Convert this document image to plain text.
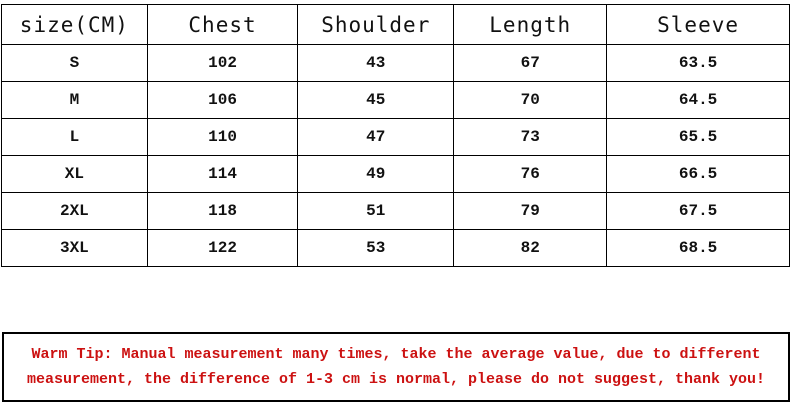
size(CM)	Chest	Shoulder	Length	Sleeve
S	102	43	67	63.5
M	106	45	70	64.5
L	110	47	73	65.5
XL	114	49	76	66.5
2XL	118	51	79	67.5
3XL	122	53	82	68.5
Warm Tip: Manual measurement many times, take the average value, due to different
measurement, the difference of 1-3 cm is normal, please do not suggest, thank you!
